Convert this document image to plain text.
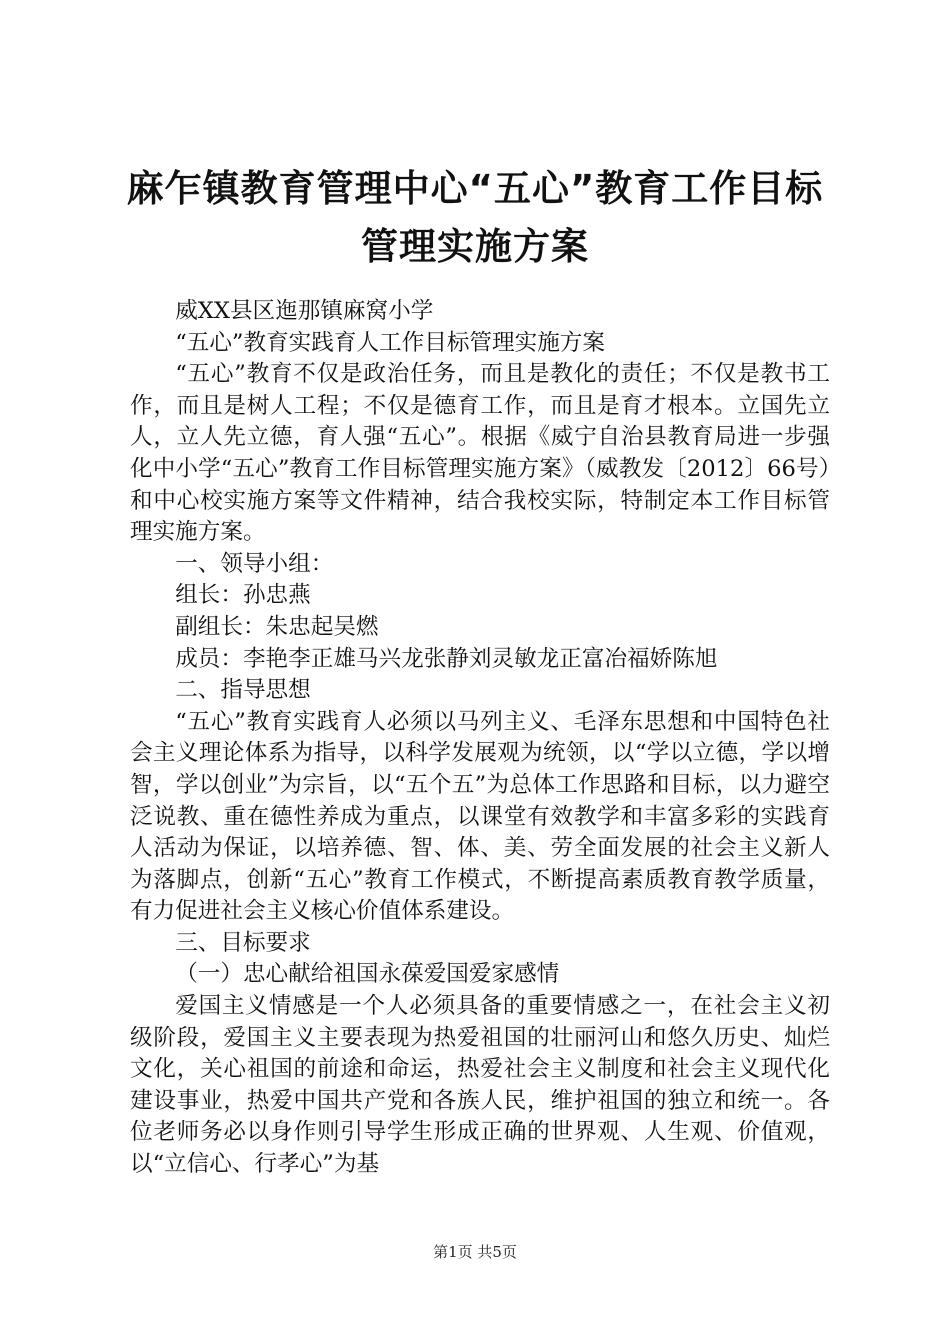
麻乍镇教育管理中心“五心”教育工作目标管理实施方案

威XX县区迤那镇麻窝小学

“五心”教育实践育人工作目标管理实施方案

“五心”教育不仅是政治任务，而且是教化的责任；不仅是教书工作，而且是树人工程；不仅是德育工作，而且是育才根本。立国先立人，立人先立德，育人强“五心”。根据《威宁自治县教育局进一步强化中小学“五心”教育工作目标管理实施方案》（威教发〔2012〕66号）和中心校实施方案等文件精神，结合我校实际，特制定本工作目标管理实施方案。

一、领导小组：

组长：孙忠燕

副组长：朱忠起吴燃

成员：李艳李正雄马兴龙张静刘灵敏龙正富冶福娇陈旭

二、指导思想

“五心”教育实践育人必须以马列主义、毛泽东思想和中国特色社会主义理论体系为指导，以科学发展观为统领，以“学以立德，学以增智，学以创业”为宗旨，以“五个五”为总体工作思路和目标，以力避空泛说教、重在德性养成为重点，以课堂有效教学和丰富多彩的实践育人活动为保证，以培养德、智、体、美、劳全面发展的社会主义新人为落脚点，创新“五心”教育工作模式，不断提高素质教育教学质量，有力促进社会主义核心价值体系建设。

三、目标要求

（一）忠心献给祖国永葆爱国爱家感情

爱国主义情感是一个人必须具备的重要情感之一，在社会主义初级阶段，爱国主义主要表现为热爱祖国的壮丽河山和悠久历史、灿烂文化，关心祖国的前途和命运，热爱社会主义制度和社会主义现代化建设事业，热爱中国共产党和各族人民，维护祖国的独立和统一。各位老师务必以身作则引导学生形成正确的世界观、人生观、价值观，以“立信心、行孝心”为基

第1页 共5页
